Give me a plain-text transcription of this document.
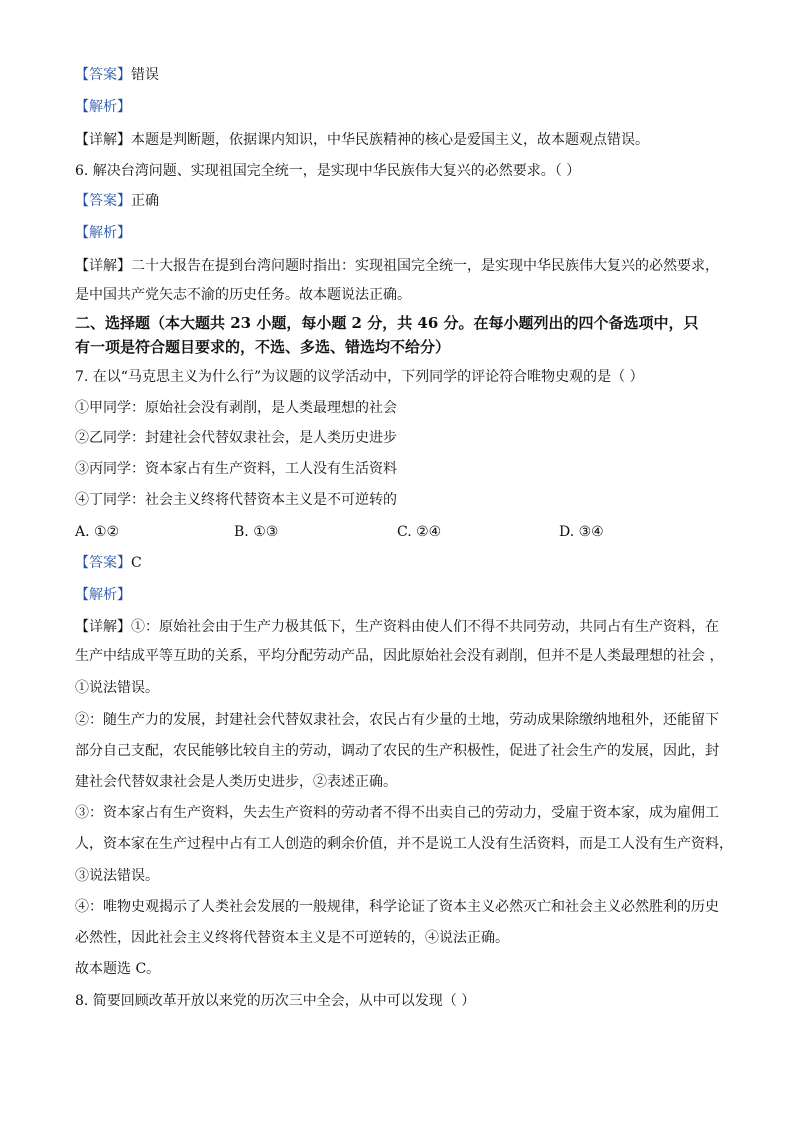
【答案】错误
【解析】
【详解】本题是判断题，依据课内知识，中华民族精神的核心是爱国主义，故本题观点错误。
6. 解决台湾问题、实现祖国完全统一，是实现中华民族伟大复兴的必然要求。（ ）
【答案】正确
【解析】
【详解】二十大报告在提到台湾问题时指出：实现祖国完全统一，是实现中华民族伟大复兴的必然要求，
是中国共产党矢志不渝的历史任务。故本题说法正确。
二、选择题（本大题共 23 小题，每小题 2 分，共 46 分。在每小题列出的四个备选项中，只
有一项是符合题目要求的，不选、多选、错选均不给分）
7. 在以“马克思主义为什么行”为议题的议学活动中，下列同学的评论符合唯物史观的是（ ）
①甲同学：原始社会没有剥削，是人类最理想的社会
②乙同学：封建社会代替奴隶社会，是人类历史进步
③丙同学：资本家占有生产资料，工人没有生活资料
④丁同学：社会主义终将代替资本主义是不可逆转的
A. ①②	B. ①③	C. ②④	D. ③④
【答案】C
【解析】
【详解】①：原始社会由于生产力极其低下，生产资料由使人们不得不共同劳动，共同占有生产资料，在
生产中结成平等互助的关系，平均分配劳动产品，因此原始社会没有剥削，但并不是人类最理想的社会 ，
①说法错误。
②：随生产力的发展，封建社会代替奴隶社会，农民占有少量的土地，劳动成果除缴纳地租外，还能留下
部分自己支配，农民能够比较自主的劳动，调动了农民的生产积极性，促进了社会生产的发展，因此，封
建社会代替奴隶社会是人类历史进步，②表述正确。
③：资本家占有生产资料，失去生产资料的劳动者不得不出卖自己的劳动力，受雇于资本家，成为雇佣工
人，资本家在生产过程中占有工人创造的剩余价值，并不是说工人没有生活资料，而是工人没有生产资料，
③说法错误。
④：唯物史观揭示了人类社会发展的一般规律，科学论证了资本主义必然灭亡和社会主义必然胜利的历史
必然性，因此社会主义终将代替资本主义是不可逆转的，④说法正确。
故本题选 C。
8. 简要回顾改革开放以来党的历次三中全会，从中可以发现（ ）
